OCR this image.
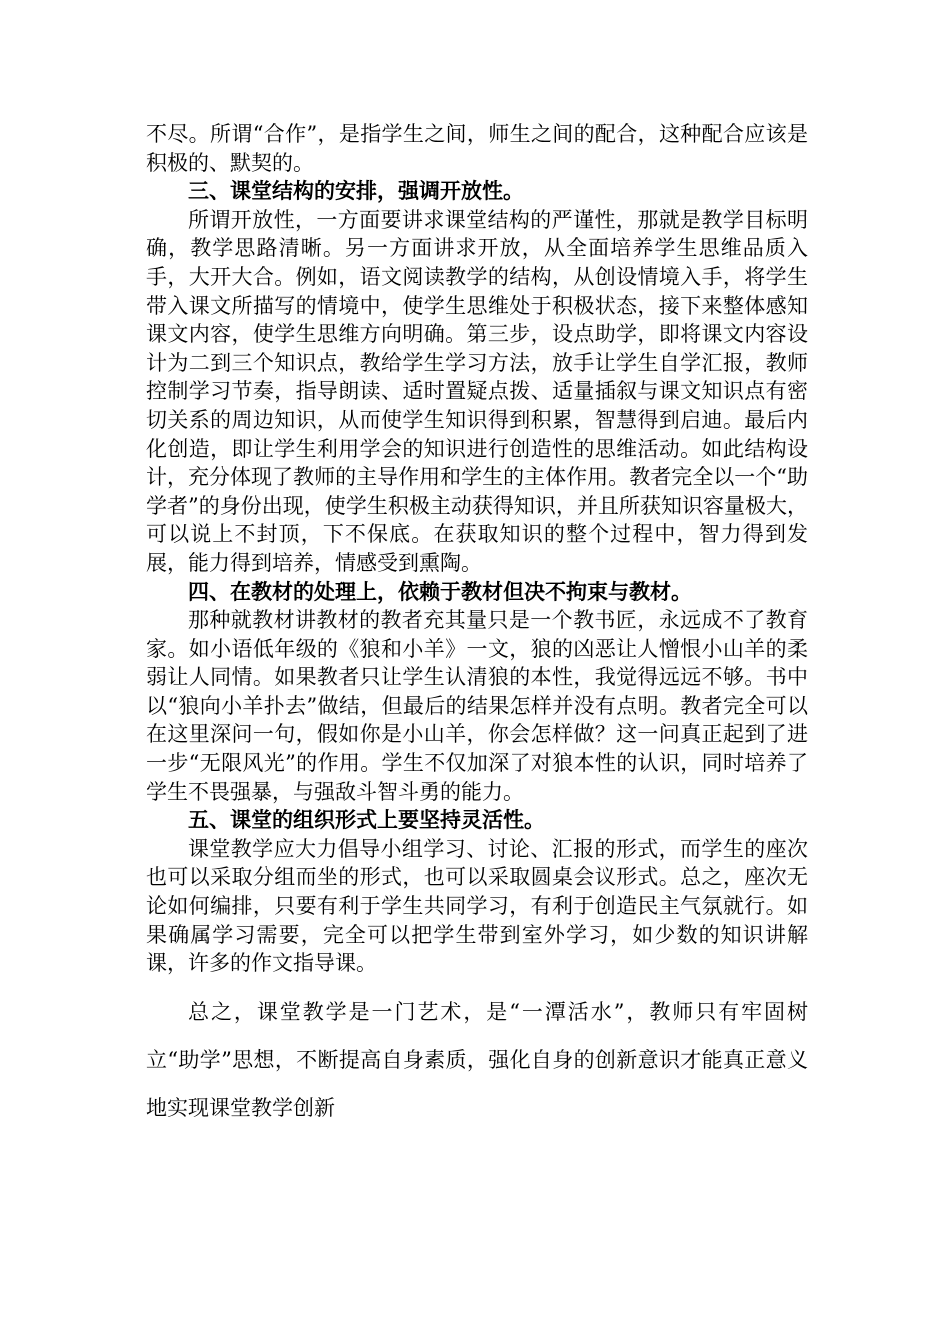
不尽。所谓“合作”，是指学生之间，师生之间的配合，这种配合应该是积极的、默契的。

三、课堂结构的安排，强调开放性。

所谓开放性，一方面要讲求课堂结构的严谨性，那就是教学目标明确，教学思路清晰。另一方面讲求开放，从全面培养学生思维品质入手，大开大合。例如，语文阅读教学的结构，从创设情境入手，将学生带入课文所描写的情境中，使学生思维处于积极状态，接下来整体感知课文内容，使学生思维方向明确。第三步，设点助学，即将课文内容设计为二到三个知识点，教给学生学习方法，放手让学生自学汇报，教师控制学习节奏，指导朗读、适时置疑点拨、适量插叙与课文知识点有密切关系的周边知识，从而使学生知识得到积累，智慧得到启迪。最后内化创造，即让学生利用学会的知识进行创造性的思维活动。如此结构设计，充分体现了教师的主导作用和学生的主体作用。教者完全以一个“助学者”的身份出现，使学生积极主动获得知识，并且所获知识容量极大，可以说上不封顶，下不保底。在获取知识的整个过程中，智力得到发展，能力得到培养，情感受到熏陶。

四、在教材的处理上，依赖于教材但决不拘束与教材。

那种就教材讲教材的教者充其量只是一个教书匠，永远成不了教育家。如小语低年级的《狼和小羊》一文，狼的凶恶让人憎恨小山羊的柔弱让人同情。如果教者只让学生认清狼的本性，我觉得远远不够。书中以“狼向小羊扑去”做结，但最后的结果怎样并没有点明。教者完全可以在这里深问一句，假如你是小山羊，你会怎样做？这一问真正起到了进一步“无限风光”的作用。学生不仅加深了对狼本性的认识，同时培养了学生不畏强暴，与强敌斗智斗勇的能力。

五、课堂的组织形式上要坚持灵活性。

课堂教学应大力倡导小组学习、讨论、汇报的形式，而学生的座次也可以采取分组而坐的形式，也可以采取圆桌会议形式。总之，座次无论如何编排，只要有利于学生共同学习，有利于创造民主气氛就行。如果确属学习需要，完全可以把学生带到室外学习，如少数的知识讲解课，许多的作文指导课。

总之，课堂教学是一门艺术，是“一潭活水”，教师只有牢固树立“助学”思想，不断提高自身素质，强化自身的创新意识才能真正意义地实现课堂教学创新
